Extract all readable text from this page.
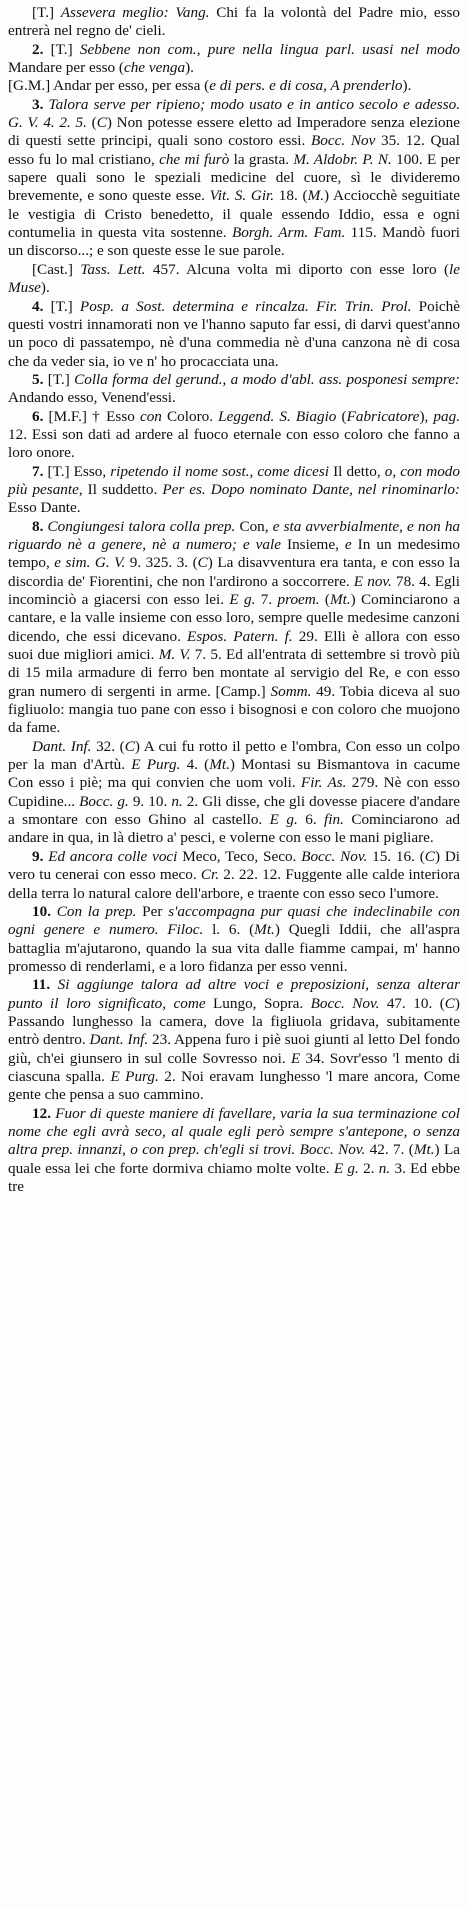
[T.] Assevera meglio: Vang. Chi fa la volontà del Padre mio, esso entrerà nel regno de' cieli.

2. [T.] Sebbene non com., pure nella lingua parl. usasi nel modo Mandare per esso (che venga).

[G.M.] Andar per esso, per essa (e di pers. e di cosa, A prenderlo).

3. Talora serve per ripieno; modo usato e in antico secolo e adesso. G. V. 4. 2. 5. (C) Non potesse essere eletto ad Imperadore senza elezione di questi sette principi, quali sono costoro essi. Bocc. Nov 35. 12. Qual esso fu lo mal cristiano, che mi furò la grasta. M. Aldobr. P. N. 100. E per sapere quali sono le speziali medicine del cuore, sì le divideremo brevemente, e sono queste esse. Vit. S. Gir. 18. (M.) Acciocchè seguitiate le vestigia di Cristo benedetto, il quale essendo Iddio, essa e ogni contumelia in questa vita sostenne. Borgh. Arm. Fam. 115. Mandò fuori un discorso...; e son queste esse le sue parole.

[Cast.] Tass. Lett. 457. Alcuna volta mi diporto con esse loro (le Muse).

4. [T.] Posp. a Sost. determina e rincalza. Fir. Trin. Prol. Poichè questi vostri innamorati non ve l'hanno saputo far essi, di darvi quest'anno un poco di passatempo, nè d'una commedia nè d'una canzona nè di cosa che da veder sia, io ve n' ho procacciata una.

5. [T.] Colla forma del gerund., a modo d'abl. ass. posponesi sempre: Andando esso, Venend'essi.

6. [M.F.] † Esso con Coloro. Leggend. S. Biagio (Fabricatore), pag. 12. Essi son dati ad ardere al fuoco eternale con esso coloro che fanno a loro onore.

7. [T.] Esso, ripetendo il nome sost., come dicesi Il detto, o, con modo più pesante, Il suddetto. Per es. Dopo nominato Dante, nel rinominarlo: Esso Dante.

8. Congiungesi talora colla prep. Con, e sta avverbialmente, e non ha riguardo nè a genere, nè a numero; e vale Insieme, e In un medesimo tempo, e sim. G. V. 9. 325. 3. (C) La disavventura era tanta, e con esso la discordia de' Fiorentini, che non l'ardirono a soccorrere. E nov. 78. 4. Egli incominciò a giacersi con esso lei. E g. 7. proem. (Mt.) Cominciarono a cantare, e la valle insieme con esso loro, sempre quelle medesime canzoni dicendo, che essi dicevano. Espos. Patern. f. 29. Elli è allora con esso suoi due migliori amici. M. V. 7. 5. Ed all'entrata di settembre si trovò più di 15 mila armadure di ferro ben montate al servigio del Re, e con esso gran numero di sergenti in arme. [Camp.] Somm. 49. Tobia diceva al suo figliuolo: mangia tuo pane con esso i bisognosi e con coloro che muojono da fame.

Dant. Inf. 32. (C) A cui fu rotto il petto e l'ombra, Con esso un colpo per la man d'Artù. E Purg. 4. (Mt.) Montasi su Bismantova in cacume Con esso i piè; ma qui convien che uom voli. Fir. As. 279. Nè con esso Cupidine... Bocc. g. 9. 10. n. 2. Gli disse, che gli dovesse piacere d'andare a smontare con esso Ghino al castello. E g. 6. fin. Cominciarono ad andare in qua, in là dietro a' pesci, e volerne con esso le mani pigliare.

9. Ed ancora colle voci Meco, Teco, Seco. Bocc. Nov. 15. 16. (C) Di vero tu cenerai con esso meco. Cr. 2. 22. 12. Fuggente alle calde interiora della terra lo natural calore dell'arbore, e traente con esso seco l'umore.

10. Con la prep. Per s'accompagna pur quasi che indeclinabile con ogni genere e numero. Filoc. l. 6. (Mt.) Quegli Iddii, che all'aspra battaglia m'ajutarono, quando la sua vita dalle fiamme campai, m' hanno promesso di renderlami, e a loro fidanza per esso venni.

11. Si aggiunge talora ad altre voci e preposizioni, senza alterar punto il loro significato, come Lungo, Sopra. Bocc. Nov. 47. 10. (C) Passando lunghesso la camera, dove la figliuola gridava, subitamente entrò dentro. Dant. Inf. 23. Appena furo i piè suoi giunti al letto Del fondo giù, ch'ei giunsero in sul colle Sovresso noi. E 34. Sovr'esso 'l mento di ciascuna spalla. E Purg. 2. Noi eravam lunghesso 'l mare ancora, Come gente che pensa a suo cammino.

12. Fuor di queste maniere di favellare, varia la sua terminazione col nome che egli avrà seco, al quale egli però sempre s'antepone, o senza altra prep. innanzi, o con prep. ch'egli si trovi. Bocc. Nov. 42. 7. (Mt.) La quale essa lei che forte dormiva chiamo molte volte. E g. 2. n. 3. Ed ebbe tre
